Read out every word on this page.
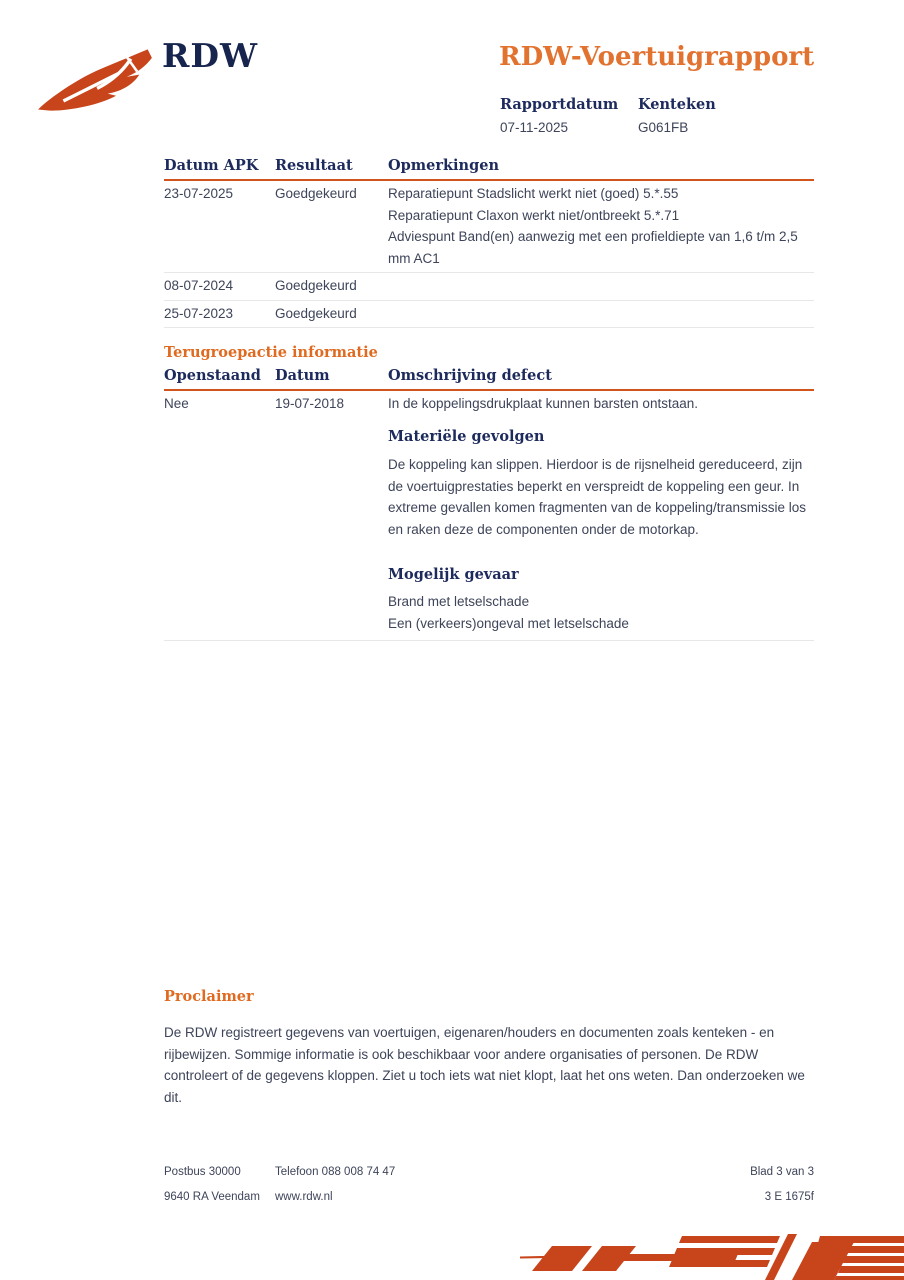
RDW	RDW-Voertuigrapport
Rapportdatum
07-11-2025
Kenteken
G061FB
Datum APK	Resultaat	Opmerkingen
23-07-2025	Goedgekeurd	Reparatiepunt Stadslicht werkt niet (goed) 5.*.55
Reparatiepunt Claxon werkt niet/ontbreekt 5.*.71
Adviespunt Band(en) aanwezig met een profieldiepte van 1,6 t/m 2,5 mm AC1
08-07-2024	Goedgekeurd
25-07-2023	Goedgekeurd
Terugroepactie informatie
Openstaand Datum	Omschrijving defect
Nee	19-07-2018	In de koppelingsdrukplaat kunnen barsten ontstaan.
Materiële gevolgen

De koppeling kan slippen. Hierdoor is de rijsnelheid gereduceerd, zijn de voertuigprestaties beperkt en verspreidt de koppeling een geur. In extreme gevallen komen fragmenten van de koppeling/transmissie los en raken deze de componenten onder de motorkap.

Mogelijk gevaar
Brand met letselschade
Een (verkeers)ongeval met letselschade
Proclaimer

De RDW registreert gegevens van voertuigen, eigenaren/houders en documenten zoals kenteken - en rijbewijzen. Sommige informatie is ook beschikbaar voor andere organisaties of personen. De RDW controleert of de gegevens kloppen. Ziet u toch iets wat niet klopt, laat het ons weten. Dan onderzoeken we dit.

Postbus 30000
9640 RA Veendam
Telefoon 088 008 74 47
www.rdw.nl
Blad 3 van 3
3 E 1675f
